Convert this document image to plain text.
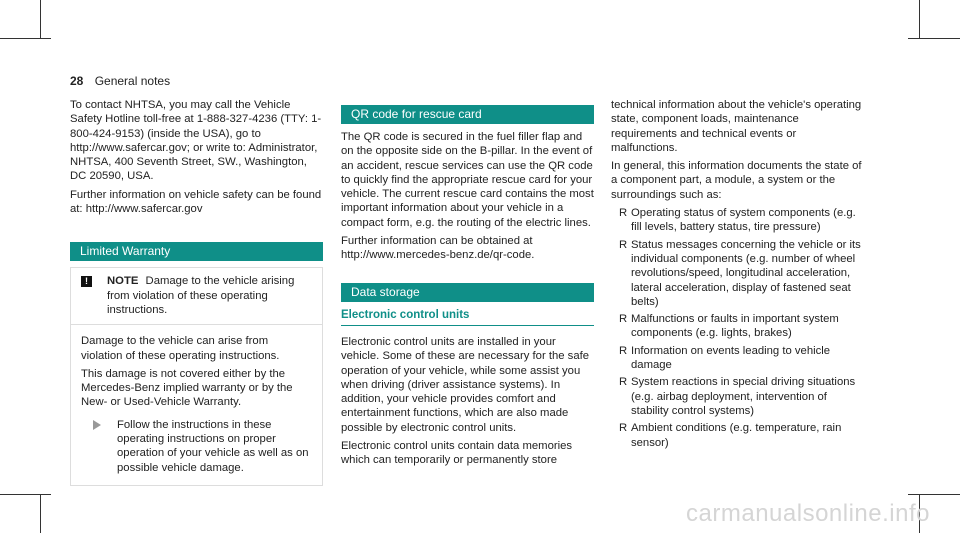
28 General notes

To contact NHTSA, you may call the Vehicle Safety Hotline toll-free at 1-888-327-4236 (TTY: 1-800-424-9153) (inside the USA), go to http://www.safercar.gov; or write to: Administrator, NHTSA, 400 Seventh Street, SW., Washington, DC 20590, USA.

Further information on vehicle safety can be found at: http://www.safercar.gov

Limited Warranty
!	NOTE Damage to the vehicle arising from violation of these operating instructions.

Damage to the vehicle can arise from violation of these operating instructions.

This damage is not covered either by the Mercedes-Benz implied warranty or by the New- or Used-Vehicle Warranty.

Follow the instructions in these operating instructions on proper operation of your vehicle as well as on possible vehicle damage.
QR code for rescue card

The QR code is secured in the fuel filler flap and on the opposite side on the B-pillar. In the event of an accident, rescue services can use the QR code to quickly find the appropriate rescue card for your vehicle. The current rescue card contains the most important information about your vehicle in a compact form, e.g. the routing of the electric lines.

Further information can be obtained at http://www.mercedes-benz.de/qr-code.

Data storage
Electronic control units

Electronic control units are installed in your vehicle. Some of these are necessary for the safe operation of your vehicle, while some assist you when driving (driver assistance systems). In addition, your vehicle provides comfort and entertainment functions, which are also made possible by electronic control units.

Electronic control units contain data memories which can temporarily or permanently store

technical information about the vehicle's operating state, component loads, maintenance requirements and technical events or malfunctions.

In general, this information documents the state of a component part, a module, a system or the surroundings such as:

R Operating status of system components (e.g. fill levels, battery status, tire pressure)
R Status messages concerning the vehicle or its individual components (e.g. number of wheel revolutions/speed, longitudinal acceleration, lateral acceleration, display of fastened seat belts)
R Malfunctions or faults in important system components (e.g. lights, brakes)
R Information on events leading to vehicle damage
R System reactions in special driving situations (e.g. airbag deployment, intervention of stability control systems)
R Ambient conditions (e.g. temperature, rain sensor)
carmanualsonline.info
